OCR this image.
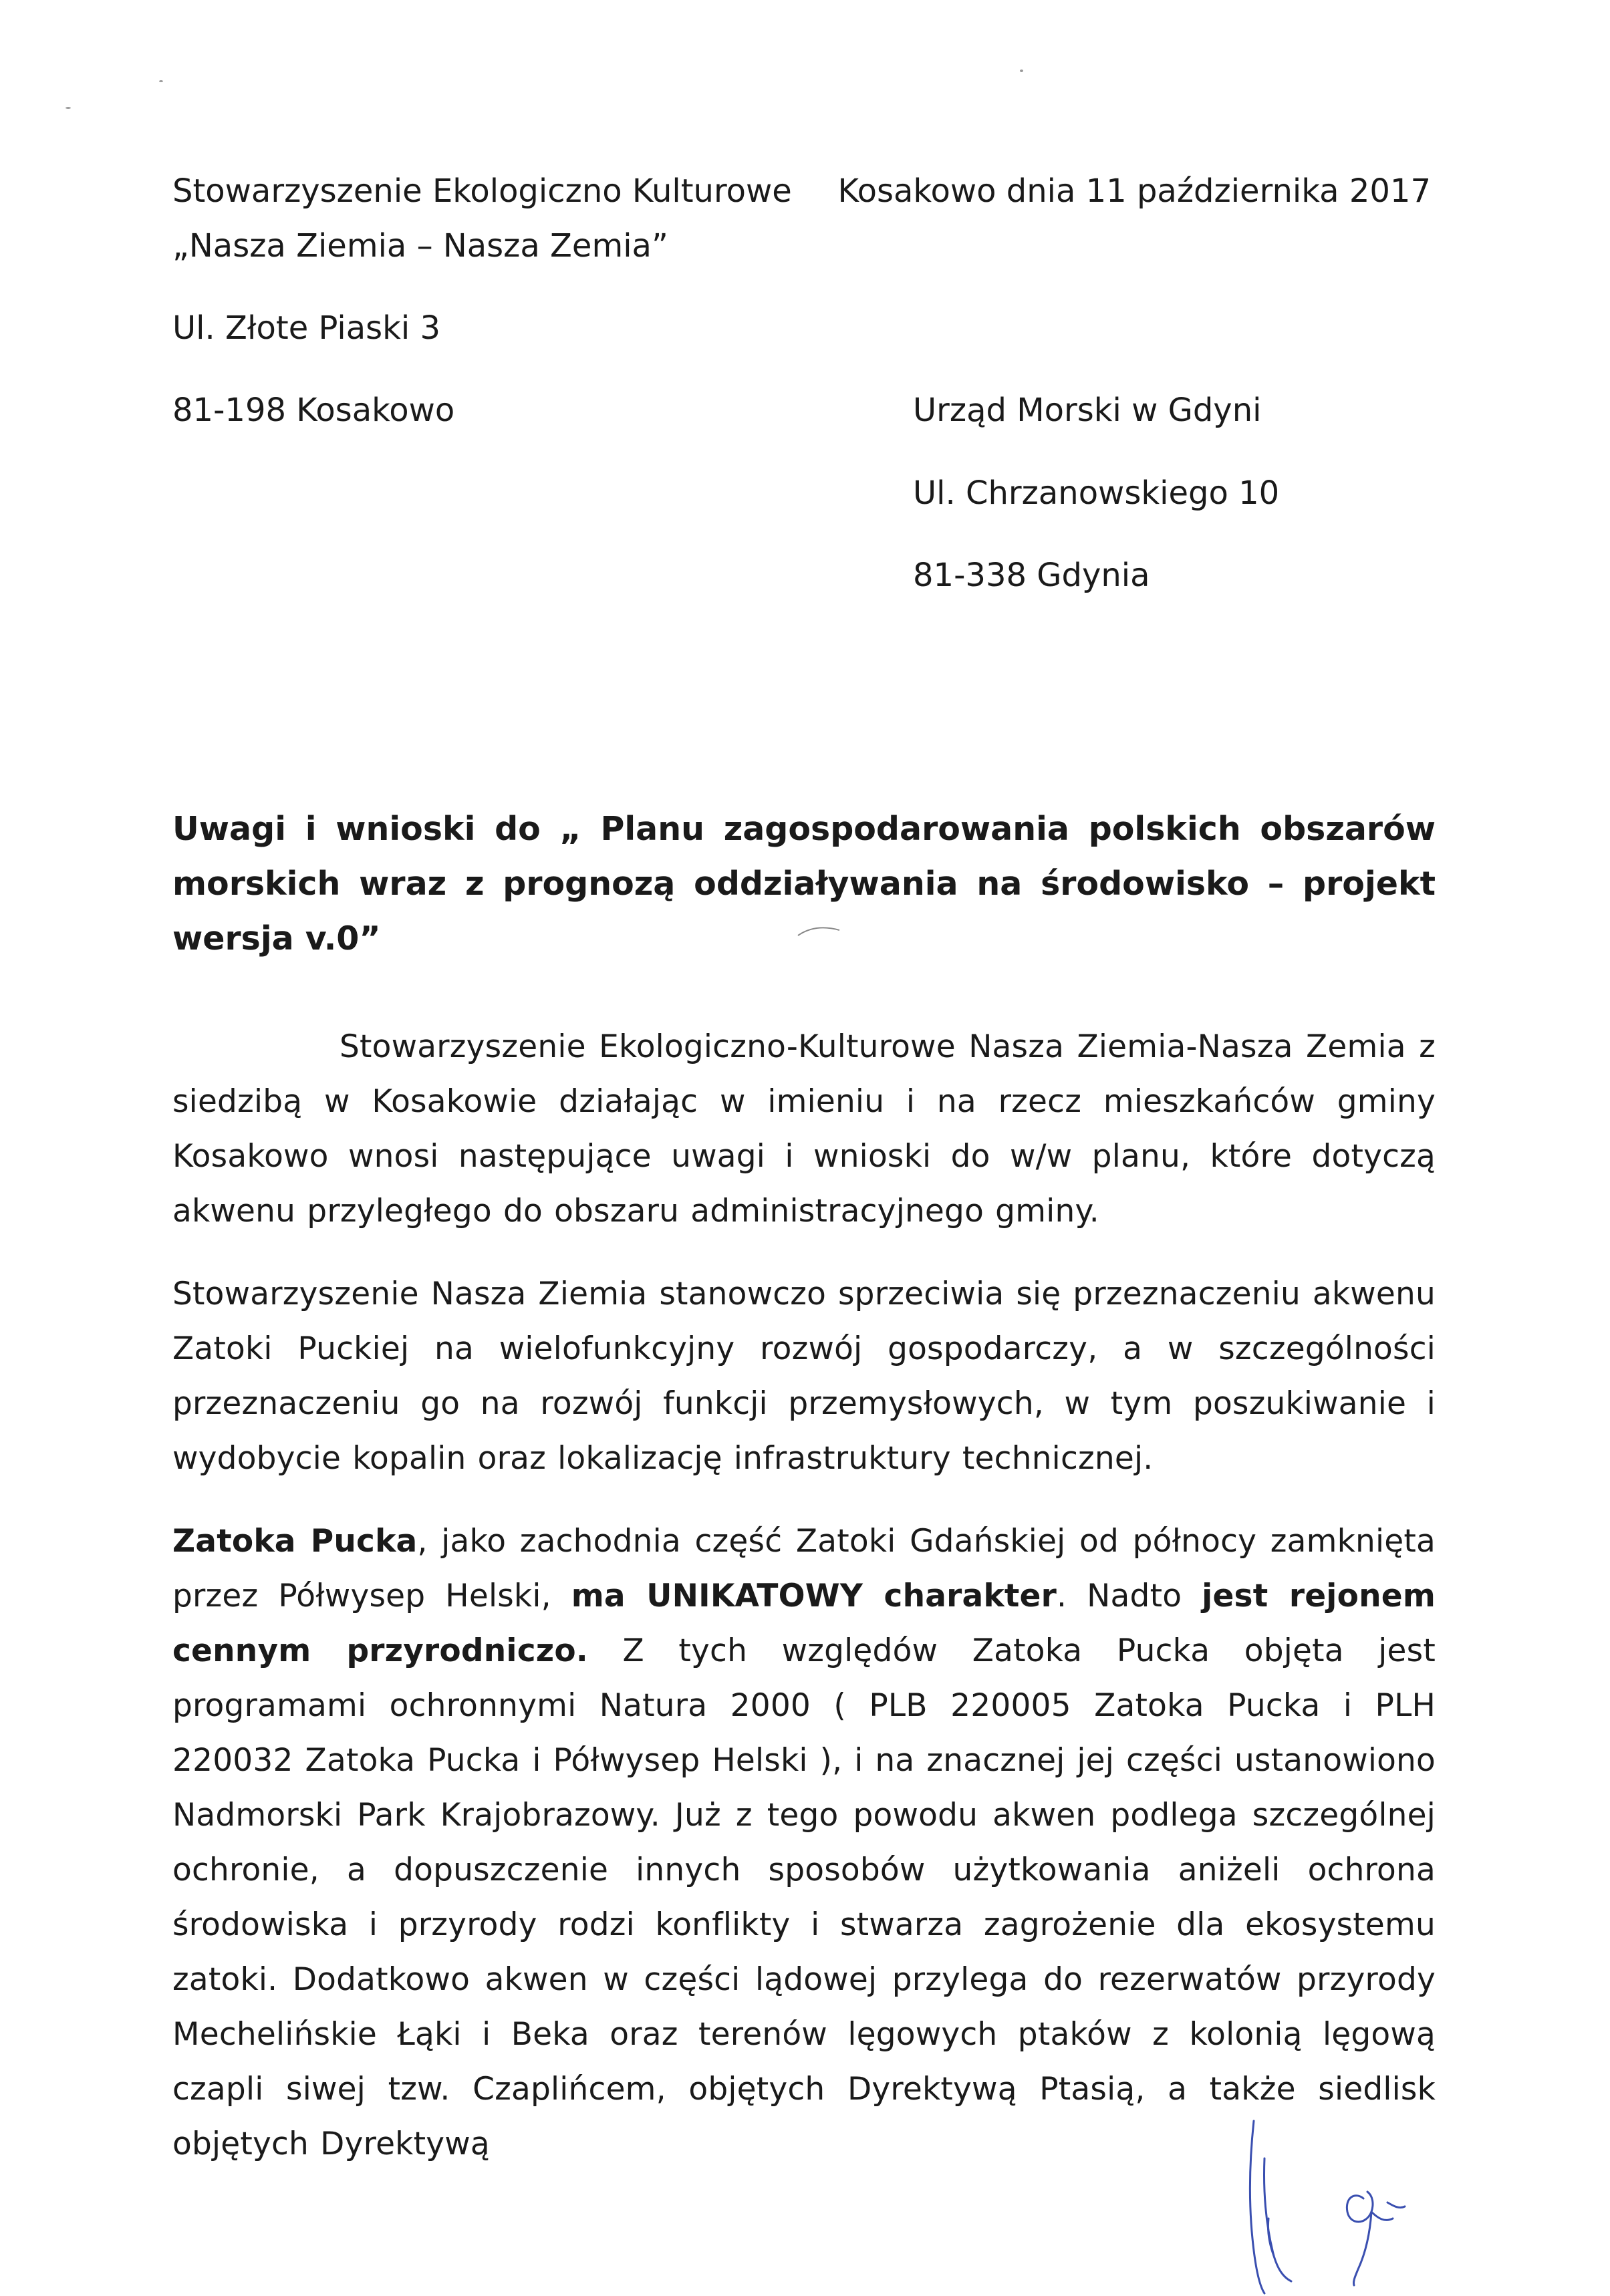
Stowarzyszenie Ekologiczno Kulturowe
„Nasza Ziemia – Nasza Zemia”
Ul. Złote Piaski 3
81-198 Kosakowo
Kosakowo dnia 11 października 2017
Urząd Morski w Gdyni
Ul. Chrzanowskiego 10
81-338 Gdynia
Uwagi i wnioski do „ Planu zagospodarowania polskich obszarów
morskich wraz z prognozą oddziaływania na środowisko – projekt wersja v.0”

Stowarzyszenie Ekologiczno-Kulturowe Nasza Ziemia-Nasza Zemia z siedzibą w Kosakowie działając w imieniu i na rzecz mieszkańców gminy Kosakowo wnosi następujące uwagi i wnioski do w/w planu, które dotyczą akwenu przyległego do obszaru administracyjnego gminy.

Stowarzyszenie Nasza Ziemia stanowczo sprzeciwia się przeznaczeniu akwenu Zatoki Puckiej na wielofunkcyjny rozwój gospodarczy, a w szczególności przeznaczeniu go na rozwój funkcji przemysłowych, w tym poszukiwanie i wydobycie kopalin oraz lokalizację infrastruktury technicznej.

Zatoka Pucka, jako zachodnia część Zatoki Gdańskiej od północy zamknięta przez Półwysep Helski, ma UNIKATOWY charakter. Nadto jest rejonem cennym przyrodniczo. Z tych względów Zatoka Pucka objęta jest programami ochronnymi Natura 2000 ( PLB 220005 Zatoka Pucka i PLH 220032 Zatoka Pucka i Półwysep Helski ), i na znacznej jej części ustanowiono Nadmorski Park Krajobrazowy. Już z tego powodu akwen podlega szczególnej ochronie, a dopuszczenie innych sposobów użytkowania aniżeli ochrona środowiska i przyrody rodzi konflikty i stwarza zagrożenie dla ekosystemu zatoki. Dodatkowo akwen w części lądowej przylega do rezerwatów przyrody Mechelińskie Łąki i Beka oraz terenów lęgowych ptaków z kolonią lęgową czapli siwej tzw. Czaplińcem, objętych Dyrektywą Ptasią, a także siedlisk objętych Dyrektywą
